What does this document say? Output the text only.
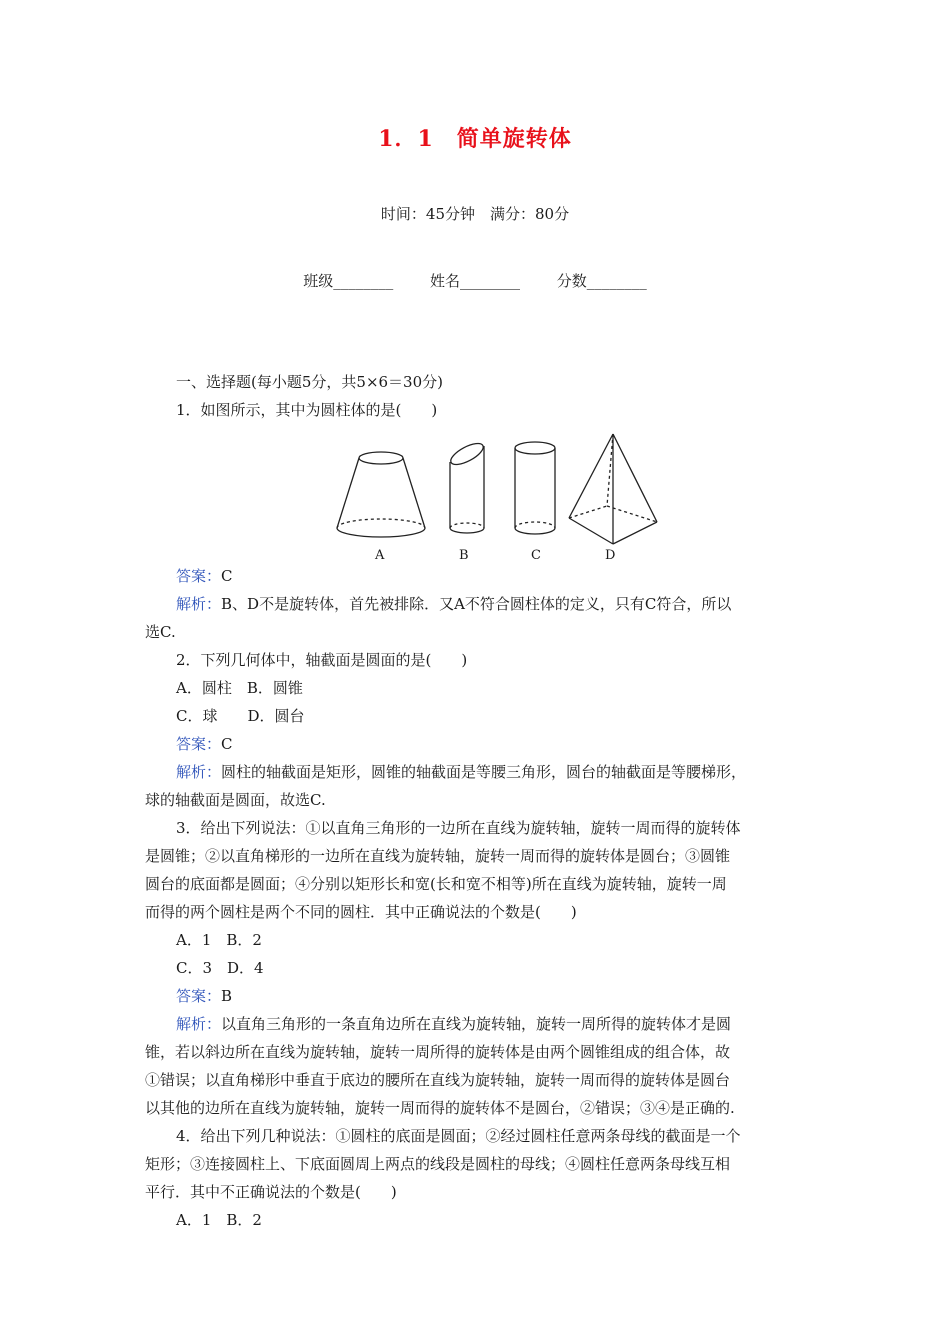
1．1　简单旋转体
时间：45分钟　满分：80分
班级________ 姓名________ 分数________

一、选择题(每小题5分，共5×6＝30分)

1．如图所示，其中为圆柱体的是(　　)

A	B	C	D

答案：C

解析：B、D不是旋转体，首先被排除．又A不符合圆柱体的定义，只有C符合，所以

选C.

2．下列几何体中，轴截面是圆面的是(　　)

A．圆柱　B．圆锥

C．球　　D．圆台

答案：C

解析：圆柱的轴截面是矩形，圆锥的轴截面是等腰三角形，圆台的轴截面是等腰梯形，

球的轴截面是圆面，故选C.

3．给出下列说法：①以直角三角形的一边所在直线为旋转轴，旋转一周而得的旋转体

是圆锥；②以直角梯形的一边所在直线为旋转轴，旋转一周而得的旋转体是圆台；③圆锥

圆台的底面都是圆面；④分别以矩形长和宽(长和宽不相等)所在直线为旋转轴，旋转一周

而得的两个圆柱是两个不同的圆柱．其中正确说法的个数是(　　)

A．1　B．2

C．3　D．4

答案：B

解析：以直角三角形的一条直角边所在直线为旋转轴，旋转一周所得的旋转体才是圆

锥，若以斜边所在直线为旋转轴，旋转一周所得的旋转体是由两个圆锥组成的组合体，故

①错误；以直角梯形中垂直于底边的腰所在直线为旋转轴，旋转一周而得的旋转体是圆台

以其他的边所在直线为旋转轴，旋转一周而得的旋转体不是圆台，②错误；③④是正确的.

4．给出下列几种说法：①圆柱的底面是圆面；②经过圆柱任意两条母线的截面是一个

矩形；③连接圆柱上、下底面圆周上两点的线段是圆柱的母线；④圆柱任意两条母线互相

平行．其中不正确说法的个数是(　　)

A．1　B．2
